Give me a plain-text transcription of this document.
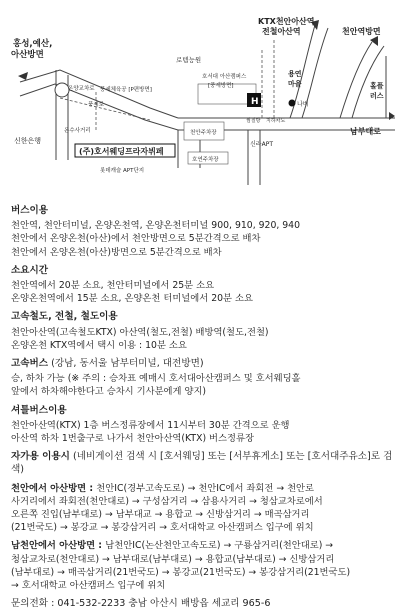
H	나비
(주)호서웨딩프라자뷔페
홍성,예산,
아산방면
KTX천안아산역
전철아산역	천안역방면
로템능원
풍세체육공 [P편방면]
온양교차로
풍세로
호서대 아산캠퍼스
[풍세방면]
용연
마을	홀플
러스
온수사거리	천안주차장
찜질방 지하차도
남부대로
신한은행
롯데캐슬 APT단지
호연주차장
신라APT
버스이용
천안역, 천안터미널, 온양온천역, 온양온천터미널 900, 910, 920, 940
천안에서 온양온천(아산)에서 천안방면으로 5분간격으로 배차
천안에서 온양온천(아산)방면으로 5분간격으로 배차
소요시간
천안역에서 20분 소요, 천안터미널에서 25분 소요
온양온천역에서 15분 소요, 온양온천 터미널에서 20분 소요
고속철도, 전철, 철도이용
천안아산역(고속철도KTX) 아산역(철도,전철) 배방역(철도,전철)
온양온천 KTX역에서 택시 이용 : 10분 소요
고속버스 (강남, 동서울 남부터미널, 대전방면)
승, 하차 가능 (※ 주의 : 승차표 예매시 호서대아산캠퍼스 및 호서웨딩홀
앞에서 하차해야한다고 승차시 기사분에게 양지)
셔틀버스이용
천안아산역(KTX) 1층 버스정류장에서 11시부터 30분 간격으로 운행
아산역 하차 1번출구로 나가서 천안아산역(KTX) 버스정류장
자가용 이용시 (네비게이션 검색 시 [호서웨딩] 또는 [서부휴게소] 또는 [호서대주유소]로 검색)
천안에서 아산방면 : 천안IC(경부고속도로) → 천안IC에서 좌회전 → 천안로
사거리에서 좌회전(천안대로) → 구성삼거리 → 삼용사거리 → 청삼교차로에서
오른쪽 진입(남부대로) → 남부대교 → 용합교 → 신방삼거리 → 매곡삼거리
(21번국도) → 봉강교 → 봉강삼거리 → 호서대학교 아산캠퍼스 입구에 위치
남천안에서 아산방면 : 남천안IC(논산천안고속도로) → 구룡삼거리(천안대로) →
청삼교차로(천안대로) → 남부대로(남부대로) → 용합교(남부대로) → 신방삼거리
(남부대로) → 매곡삼거리(21번국도) → 봉강교(21번국도) → 봉강삼거리(21번국도)
→ 호서대학교 아산캠퍼스 입구에 위치
문의전화 : 041-532-2233 충남 아산시 배방읍 세교리 965-6
